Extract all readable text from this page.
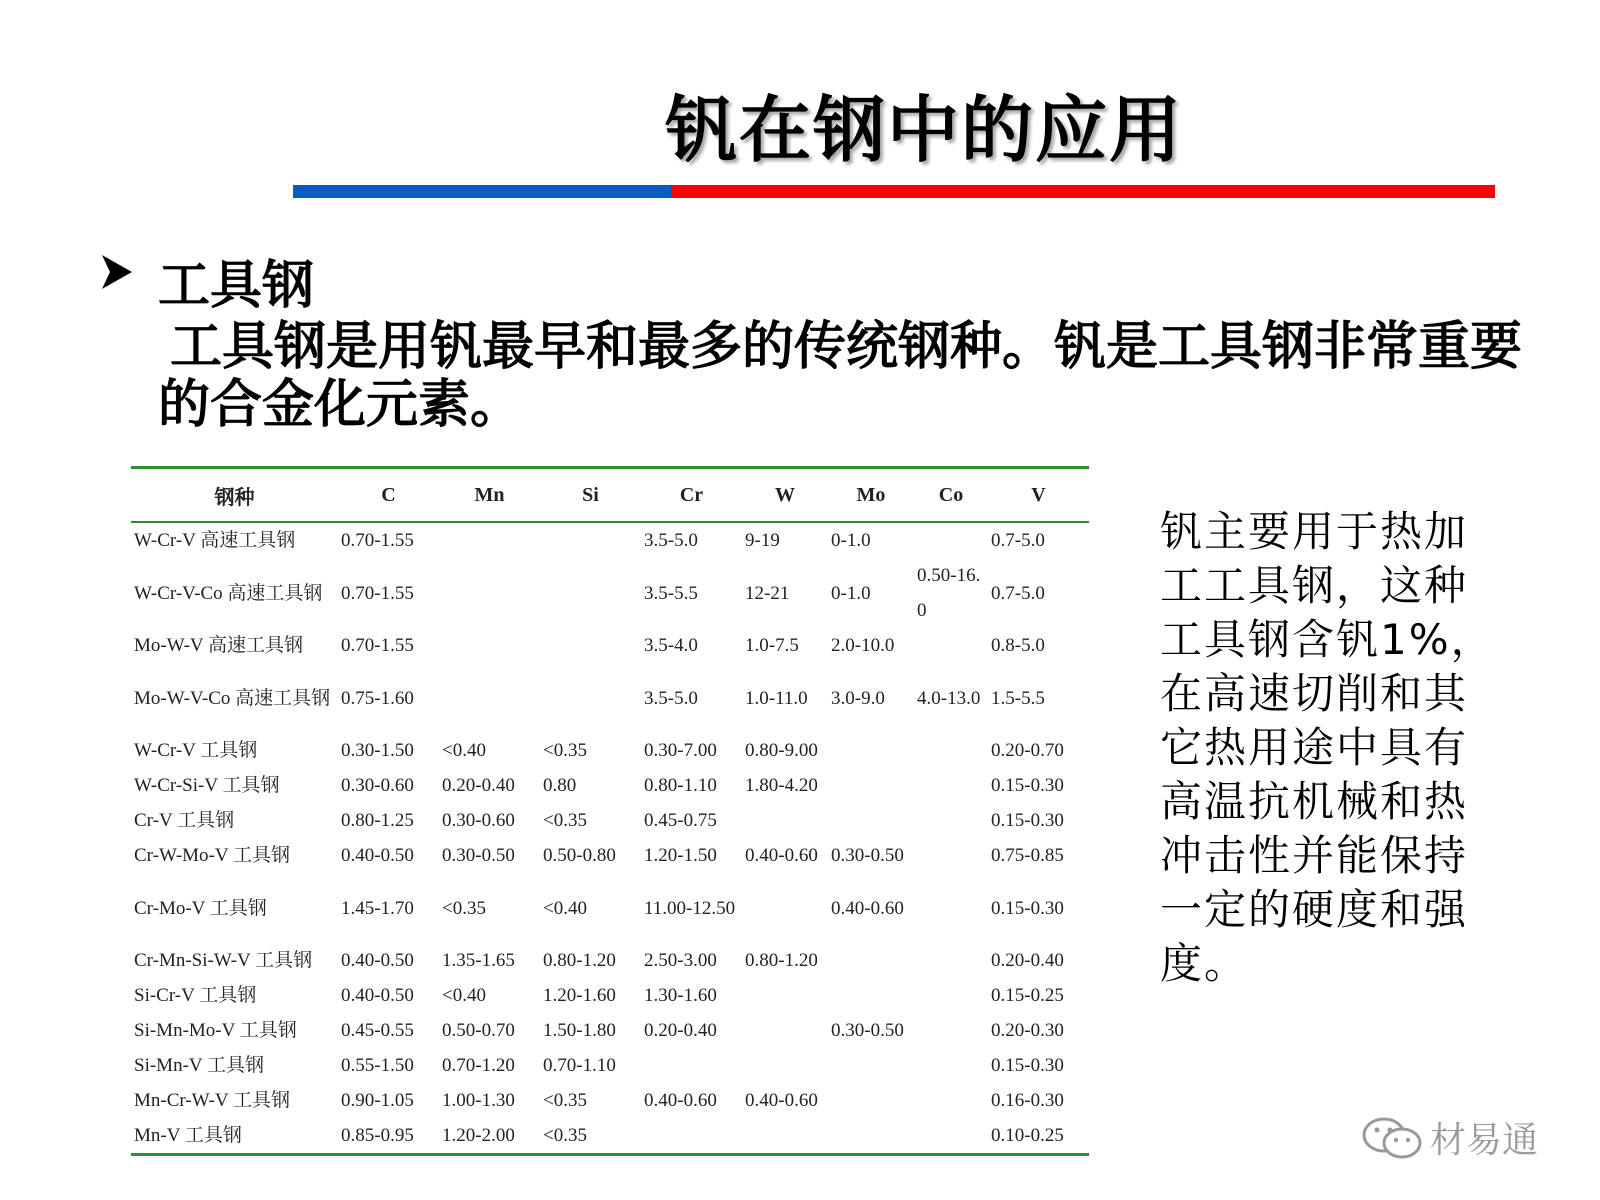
钒在钢中的应用
工具钢
工具钢是用钒最早和最多的传统钢种。钒是工具钢非常重要的合金化元素。
钢种	C	Mn	Si	Cr	W	Mo	Co	V
W-Cr-V 高速工具钢	0.70-1.55			3.5-5.0	9-19	0-1.0		0.7-5.0
W-Cr-V-Co 高速工具钢	0.70-1.55			3.5-5.5	12-21	0-1.0	0.50-16.0	0.7-5.0
Mo-W-V 高速工具钢	0.70-1.55			3.5-4.0	1.0-7.5	2.0-10.0		0.8-5.0
Mo-W-V-Co 高速工具钢	0.75-1.60			3.5-5.0	1.0-11.0	3.0-9.0	4.0-13.0	1.5-5.5
W-Cr-V 工具钢	0.30-1.50	<0.40	<0.35	0.30-7.00	0.80-9.00			0.20-0.70
W-Cr-Si-V 工具钢	0.30-0.60	0.20-0.40	0.80	0.80-1.10	1.80-4.20			0.15-0.30
Cr-V 工具钢	0.80-1.25	0.30-0.60	<0.35	0.45-0.75				0.15-0.30
Cr-W-Mo-V 工具钢	0.40-0.50	0.30-0.50	0.50-0.80	1.20-1.50	0.40-0.60	0.30-0.50		0.75-0.85
Cr-Mo-V 工具钢	1.45-1.70	<0.35	<0.40	11.00-12.50		0.40-0.60		0.15-0.30
Cr-Mn-Si-W-V 工具钢	0.40-0.50	1.35-1.65	0.80-1.20	2.50-3.00	0.80-1.20			0.20-0.40
Si-Cr-V 工具钢	0.40-0.50	<0.40	1.20-1.60	1.30-1.60				0.15-0.25
Si-Mn-Mo-V 工具钢	0.45-0.55	0.50-0.70	1.50-1.80	0.20-0.40		0.30-0.50		0.20-0.30
Si-Mn-V 工具钢	0.55-1.50	0.70-1.20	0.70-1.10					0.15-0.30
Mn-Cr-W-V 工具钢	0.90-1.05	1.00-1.30	<0.35	0.40-0.60	0.40-0.60			0.16-0.30
Mn-V 工具钢	0.85-0.95	1.20-2.00	<0.35					0.10-0.25
钒主要用于热加工工具钢，这种工具钢含钒1%，在高速切削和其它热用途中具有高温抗机械和热冲击性并能保持一定的硬度和强度。
材易通
